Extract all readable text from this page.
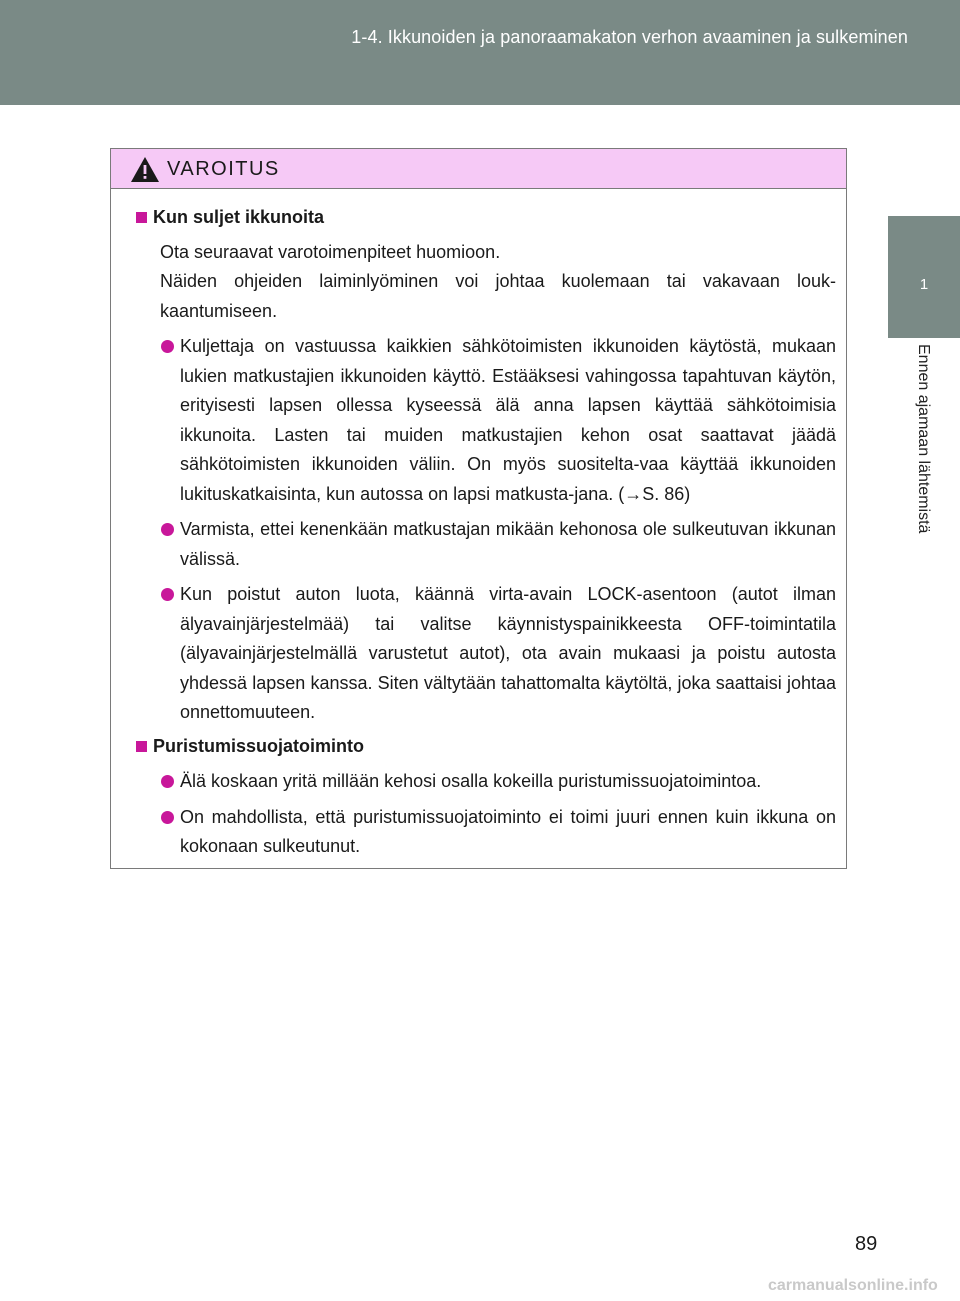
1-4. Ikkunoiden ja panoraamakaton verhon avaaminen ja sulkeminen
1
Ennen ajamaan lähtemistä
VAROITUS
Kun suljet ikkunoita
Ota seuraavat varotoimenpiteet huomioon.
Näiden ohjeiden laiminlyöminen voi johtaa kuolemaan tai vakavaan louk-kaantumiseen.
Kuljettaja on vastuussa kaikkien sähkötoimisten ikkunoiden käytöstä, mukaan lukien matkustajien ikkunoiden käyttö. Estääksesi vahingossa tapahtuvan käytön, erityisesti lapsen ollessa kyseessä älä anna lapsen käyttää sähkötoimisia ikkunoita. Lasten tai muiden matkustajien kehon osat saattavat jäädä sähkötoimisten ikkunoiden väliin. On myös suositelta-vaa käyttää ikkunoiden lukituskatkaisinta, kun autossa on lapsi matkusta-jana. (→S. 86)
Varmista, ettei kenenkään matkustajan mikään kehonosa ole sulkeutuvan ikkunan välissä.
Kun poistut auton luota, käännä virta-avain LOCK-asentoon (autot ilman älyavainjärjestelmää) tai valitse käynnistyspainikkeesta OFF-toimintatila (älyavainjärjestelmällä varustetut autot), ota avain mukaasi ja poistu autosta yhdessä lapsen kanssa. Siten vältytään tahattomalta käytöltä, joka saattaisi johtaa onnettomuuteen.
Puristumissuojatoiminto
Älä koskaan yritä millään kehosi osalla kokeilla puristumissuojatoimintoa.
On mahdollista, että puristumissuojatoiminto ei toimi juuri ennen kuin ikkuna on kokonaan sulkeutunut.
89
carmanualsonline.info
